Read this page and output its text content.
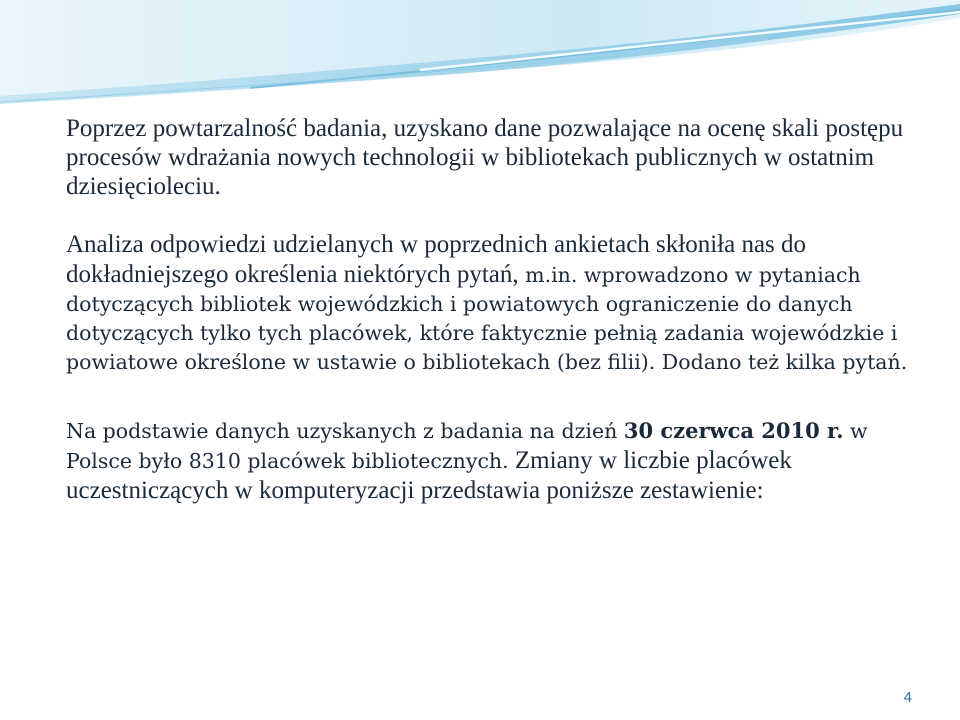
Poprzez powtarzalność badania, uzyskano dane pozwalające na ocenę skali postępu procesów wdrażania nowych technologii w bibliotekach publicznych w ostatnim dziesięcioleciu.

Analiza odpowiedzi udzielanych w poprzednich ankietach skłoniła nas do dokładniejszego określenia niektórych pytań, m.in. wprowadzono w pytaniach dotyczących bibliotek wojewódzkich i powiatowych ograniczenie do danych dotyczących tylko tych placówek, które faktycznie pełnią zadania wojewódzkie i powiatowe określone w ustawie o bibliotekach (bez filii). Dodano też kilka pytań.

Na podstawie danych uzyskanych z badania na dzień 30 czerwca 2010 r. w Polsce było 8310 placówek bibliotecznych. Zmiany w liczbie placówek uczestniczących w komputeryzacji przedstawia poniższe zestawienie:

4
